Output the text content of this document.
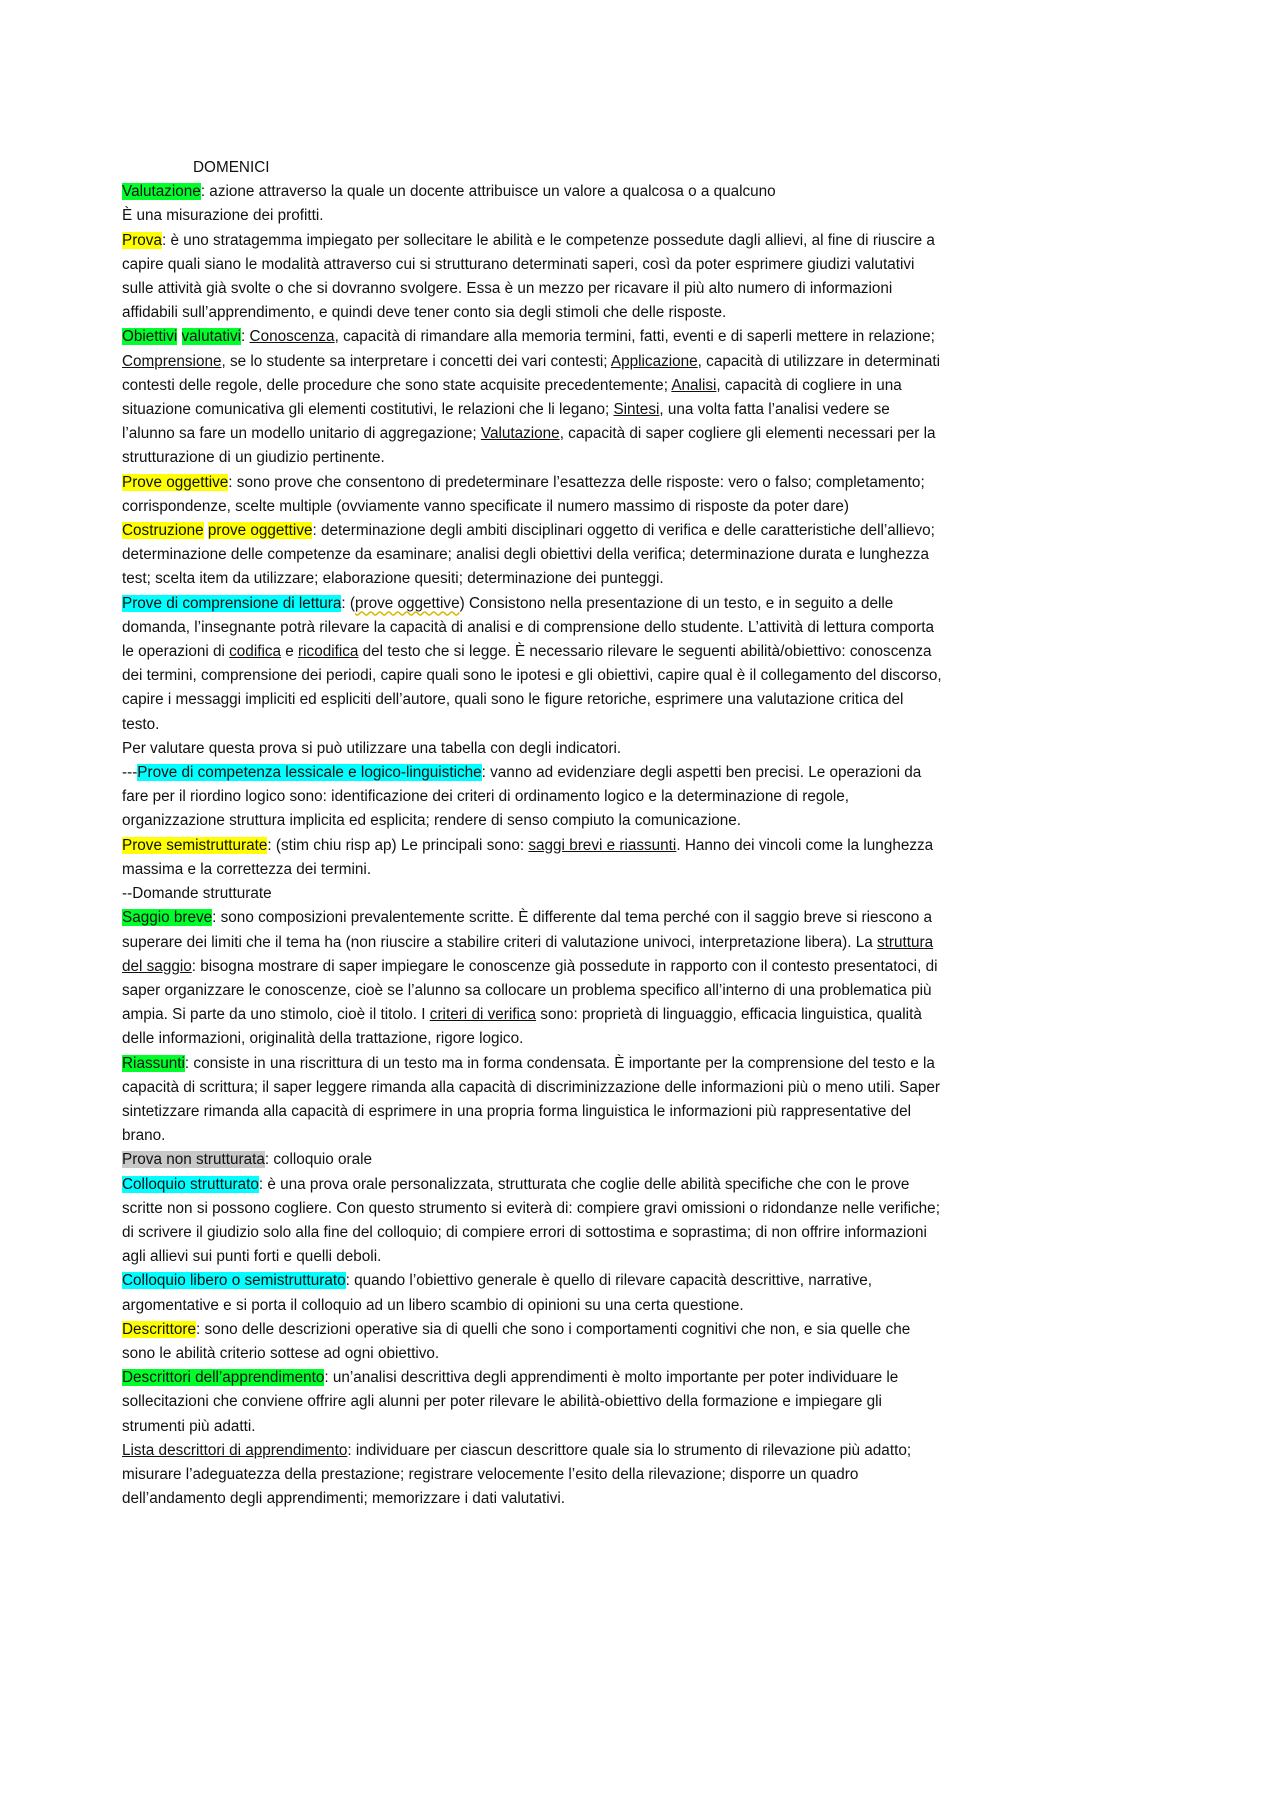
DOMENICI

Valutazione: azione attraverso la quale un docente attribuisce un valore a qualcosa o a qualcuno

È una misurazione dei profitti.

Prova: è uno stratagemma impiegato per sollecitare le abilità e le competenze possedute dagli allievi, al fine di riuscire a capire quali siano le modalità attraverso cui si strutturano determinati saperi, così da poter esprimere giudizi valutativi sulle attività già svolte o che si dovranno svolgere. Essa è un mezzo per ricavare il più alto numero di informazioni affidabili sull’apprendimento, e quindi deve tener conto sia degli stimoli che delle risposte.

Obiettivi valutativi: Conoscenza, capacità di rimandare alla memoria termini, fatti, eventi e di saperli mettere in relazione; Comprensione, se lo studente sa interpretare i concetti dei vari contesti; Applicazione, capacità di utilizzare in determinati contesti delle regole, delle procedure che sono state acquisite precedentemente; Analisi, capacità di cogliere in una situazione comunicativa gli elementi costitutivi, le relazioni che li legano; Sintesi, una volta fatta l’analisi vedere se l’alunno sa fare un modello unitario di aggregazione; Valutazione, capacità di saper cogliere gli elementi necessari per la strutturazione di un giudizio pertinente.

Prove oggettive: sono prove che consentono di predeterminare l’esattezza delle risposte: vero o falso; completamento; corrispondenze, scelte multiple (ovviamente vanno specificate il numero massimo di risposte da poter dare)

Costruzione prove oggettive: determinazione degli ambiti disciplinari oggetto di verifica e delle caratteristiche dell’allievo; determinazione delle competenze da esaminare; analisi degli obiettivi della verifica; determinazione durata e lunghezza test; scelta item da utilizzare; elaborazione quesiti; determinazione dei punteggi.

Prove di comprensione di lettura: (prove oggettive) Consistono nella presentazione di un testo, e in seguito a delle domanda, l’insegnante potrà rilevare la capacità di analisi e di comprensione dello studente. L’attività di lettura comporta le operazioni di codifica e ricodifica del testo che si legge. È necessario rilevare le seguenti abilità/obiettivo: conoscenza dei termini, comprensione dei periodi, capire quali sono le ipotesi e gli obiettivi, capire qual è il collegamento del discorso, capire i messaggi impliciti ed espliciti dell’autore, quali sono le figure retoriche, esprimere una valutazione critica del testo.

Per valutare questa prova si può utilizzare una tabella con degli indicatori.

---Prove di competenza lessicale e logico-linguistiche: vanno ad evidenziare degli aspetti ben precisi. Le operazioni da fare per il riordino logico sono: identificazione dei criteri di ordinamento logico e la determinazione di regole, organizzazione struttura implicita ed esplicita; rendere di senso compiuto la comunicazione.

Prove semistrutturate: (stim chiu risp ap) Le principali sono: saggi brevi e riassunti. Hanno dei vincoli come la lunghezza massima e la correttezza dei termini.

--Domande strutturate

Saggio breve: sono composizioni prevalentemente scritte. È differente dal tema perché con il saggio breve si riescono a superare dei limiti che il tema ha (non riuscire a stabilire criteri di valutazione univoci, interpretazione libera). La struttura del saggio: bisogna mostrare di saper impiegare le conoscenze già possedute in rapporto con il contesto presentatoci, di saper organizzare le conoscenze, cioè se l’alunno sa collocare un problema specifico all’interno di una problematica più ampia. Si parte da uno stimolo, cioè il titolo. I criteri di verifica sono: proprietà di linguaggio, efficacia linguistica, qualità delle informazioni, originalità della trattazione, rigore logico.

Riassunti: consiste in una riscrittura di un testo ma in forma condensata. È importante per la comprensione del testo e la capacità di scrittura; il saper leggere rimanda alla capacità di discriminizzazione delle informazioni più o meno utili. Saper sintetizzare rimanda alla capacità di esprimere in una propria forma linguistica le informazioni più rappresentative del brano.

Prova non strutturata: colloquio orale

Colloquio strutturato: è una prova orale personalizzata, strutturata che coglie delle abilità specifiche che con le prove scritte non si possono cogliere. Con questo strumento si eviterà di: compiere gravi omissioni o ridondanze nelle verifiche; di scrivere il giudizio solo alla fine del colloquio; di compiere errori di sottostima e soprastima; di non offrire informazioni agli allievi sui punti forti e quelli deboli.

Colloquio libero o semistrutturato: quando l’obiettivo generale è quello di rilevare capacità descrittive, narrative, argomentative e si porta il colloquio ad un libero scambio di opinioni su una certa questione.

Descrittore: sono delle descrizioni operative sia di quelli che sono i comportamenti cognitivi che non, e sia quelle che sono le abilità criterio sottese ad ogni obiettivo.

Descrittori dell’apprendimento: un’analisi descrittiva degli apprendimenti è molto importante per poter individuare le sollecitazioni che conviene offrire agli alunni per poter rilevare le abilità-obiettivo della formazione e impiegare gli strumenti più adatti.

Lista descrittori di apprendimento: individuare per ciascun descrittore quale sia lo strumento di rilevazione più adatto; misurare l’adeguatezza della prestazione; registrare velocemente l’esito della rilevazione; disporre un quadro dell’andamento degli apprendimenti; memorizzare i dati valutativi.
